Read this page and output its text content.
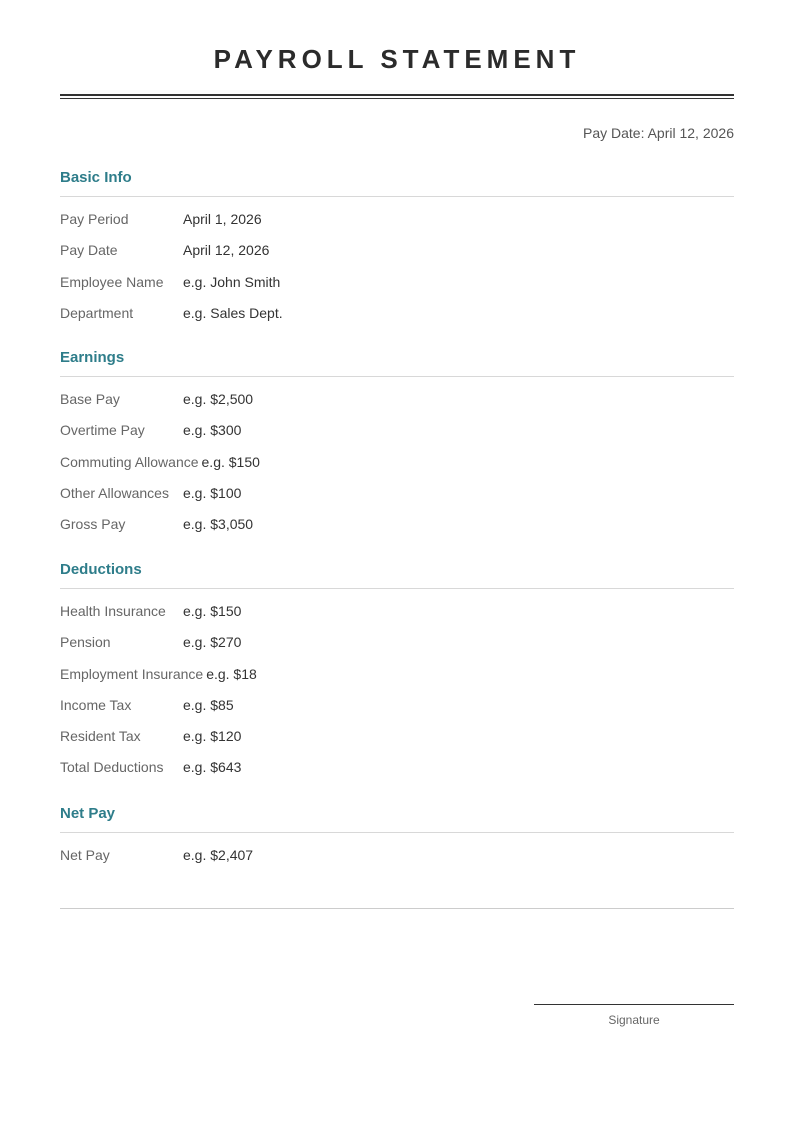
PAYROLL STATEMENT
Pay Date: April 12, 2026
Basic Info
Pay Period	April 1, 2026
Pay Date	April 12, 2026
Employee Name	e.g. John Smith
Department	e.g. Sales Dept.
Earnings
Base Pay	e.g. $2,500
Overtime Pay	e.g. $300
Commuting Allowance e.g. $150
Other Allowances	e.g. $100
Gross Pay	e.g. $3,050
Deductions
Health Insurance	e.g. $150
Pension	e.g. $270
Employment Insurance e.g. $18
Income Tax	e.g. $85
Resident Tax	e.g. $120
Total Deductions	e.g. $643
Net Pay
Net Pay	e.g. $2,407
Signature
